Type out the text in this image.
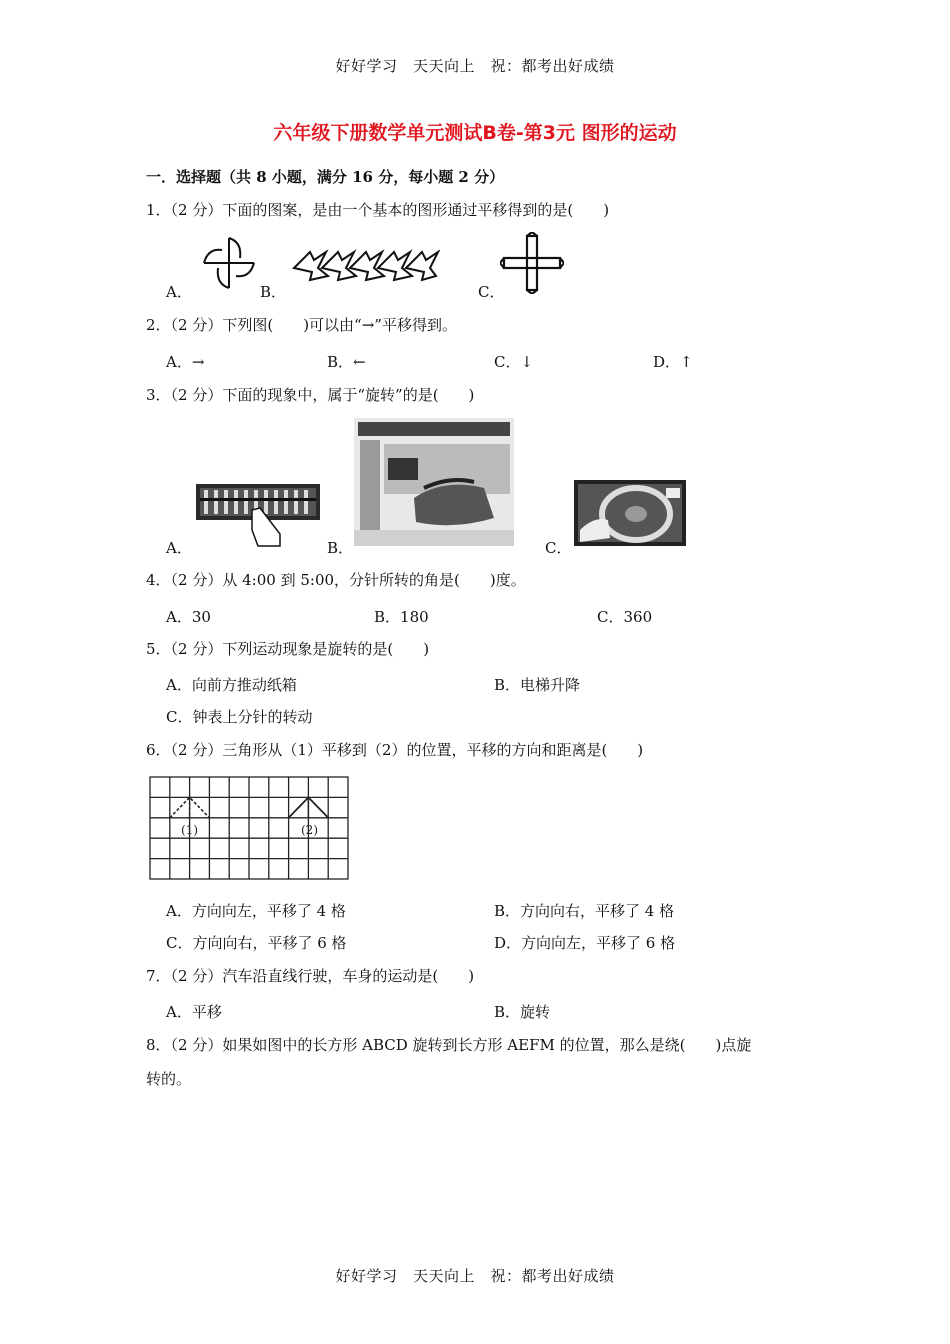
好好学习　天天向上　祝：都考出好成绩
六年级下册数学单元测试B卷-第3元 图形的运动
一．选择题（共 8 小题，满分 16 分，每小题 2 分）
1．（2 分）下面的图案，是由一个基本的图形通过平移得到的是(　　)
A．	B．	C．
2．（2 分）下列图(　　)可以由“→”平移得到。
A．→	B．←	C．↓	D．↑
3．（2 分）下面的现象中，属于“旋转”的是(　　)
A．	B．	C．
4．（2 分）从 4:00 到 5:00，分针所转的角是(　　)度。
A．30	B．180	C．360
5．（2 分）下列运动现象是旋转的是(　　)
A．向前方推动纸箱	B．电梯升降
C．钟表上分针的转动
6．（2 分）三角形从（1）平移到（2）的位置，平移的方向和距离是(　　)
(1)	(2)
A．方向向左，平移了 4 格	B．方向向右，平移了 4 格
C．方向向右，平移了 6 格	D．方向向左，平移了 6 格
7．（2 分）汽车沿直线行驶，车身的运动是(　　)
A．平移	B．旋转
8．（2 分）如果如图中的长方形 ABCD 旋转到长方形 AEFM 的位置，那么是绕(　　)点旋
转的。
好好学习　天天向上　祝：都考出好成绩
